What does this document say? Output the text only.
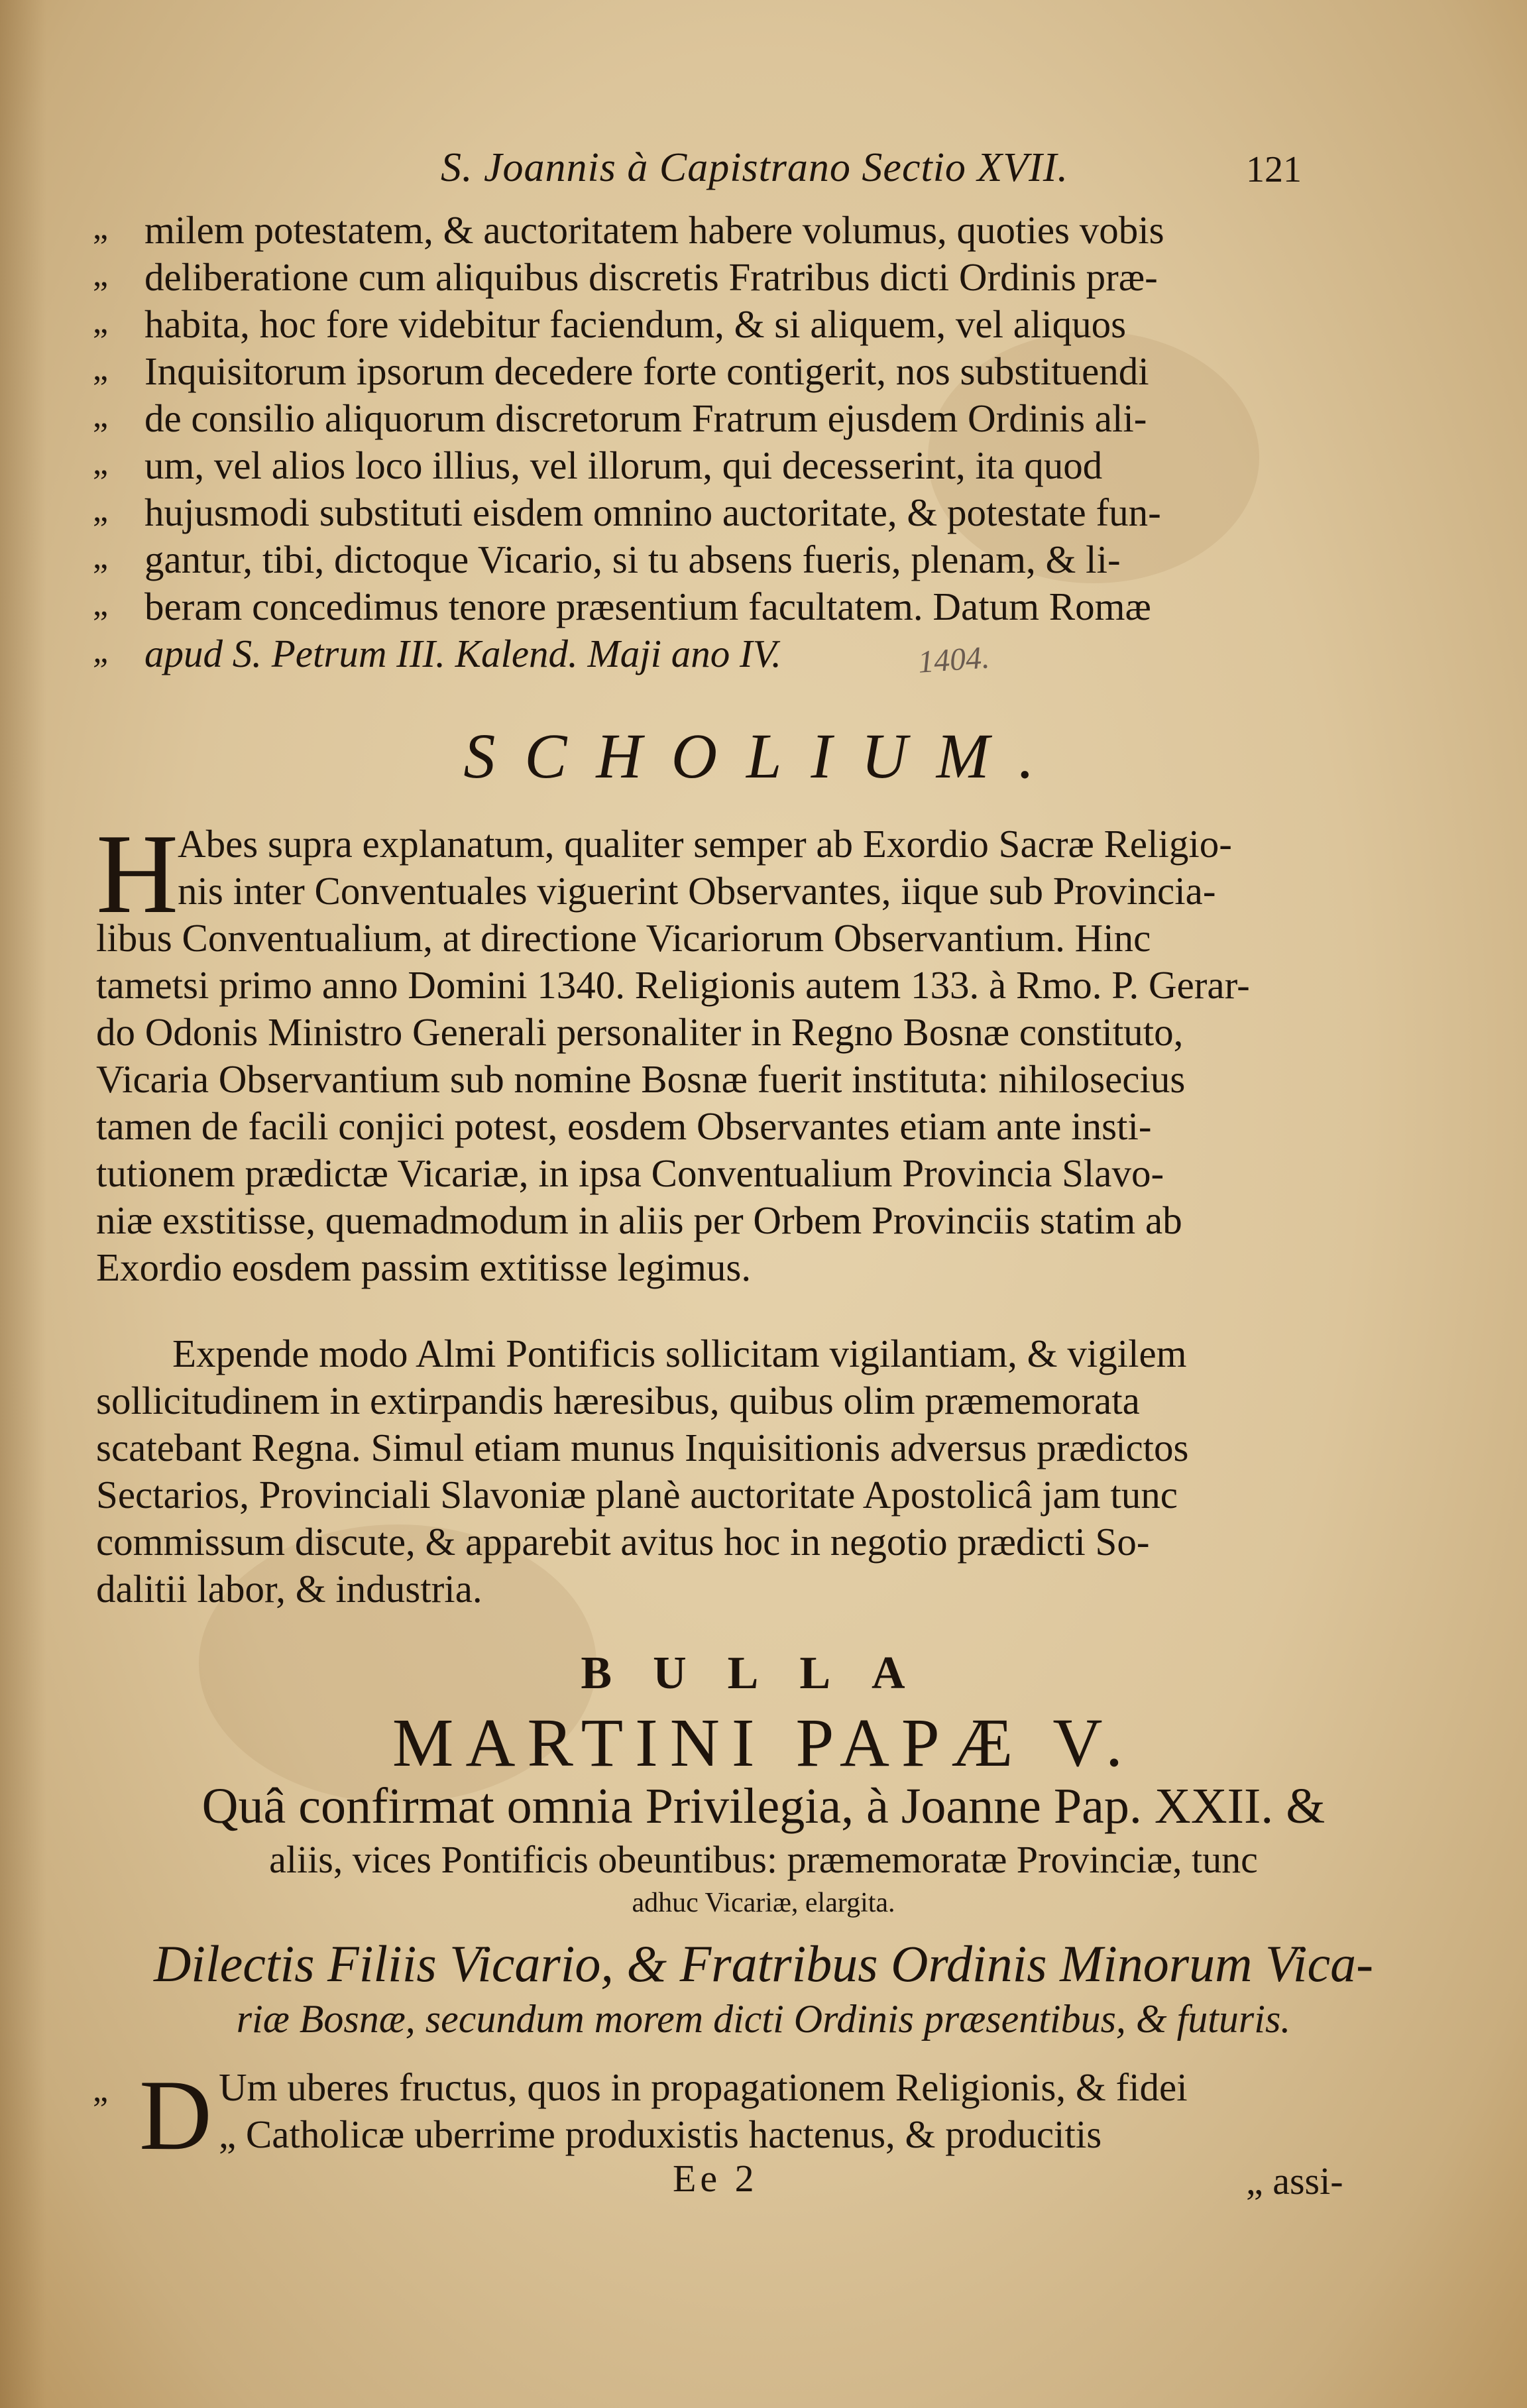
S. Joannis à Capistrano Sectio XVII.	121
„ milem potestatem, & auctoritatem habere volumus, quoties vobis
„ deliberatione cum aliquibus discretis Fratribus dicti Ordinis præ-
„ habita, hoc fore videbitur faciendum, & si aliquem, vel aliquos
„ Inquisitorum ipsorum decedere forte contigerit, nos substituendi
„ de consilio aliquorum discretorum Fratrum ejusdem Ordinis ali-
„ um, vel alios loco illius, vel illorum, qui decesserint, ita quod
„ hujusmodi substituti eisdem omnino auctoritate, & potestate fun-
„ gantur, tibi, dictoque Vicario, si tu absens fueris, plenam, & li-
„ beram concedimus tenore præsentium facultatem. Datum Romæ
„ apud S. Petrum III. Kalend. Maji ano IV.	1404.
SCHOLIUM.
H
Abes supra explanatum, qualiter semper ab Exordio Sacræ Religio-
nis inter Conventuales viguerint Observantes, iique sub Provincia-
libus Conventualium, at directione Vicariorum Observantium. Hinc
tametsi primo anno Domini 1340. Religionis autem 133. à Rmo. P. Gerar-
do Odonis Ministro Generali personaliter in Regno Bosnæ constituto,
Vicaria Observantium sub nomine Bosnæ fuerit instituta: nihilosecius
tamen de facili conjici potest, eosdem Observantes etiam ante insti-
tutionem prædictæ Vicariæ, in ipsa Conventualium Provincia Slavo-
niæ exstitisse, quemadmodum in aliis per Orbem Provinciis statim ab
Exordio eosdem passim extitisse legimus.
Expende modo Almi Pontificis sollicitam vigilantiam, & vigilem
sollicitudinem in extirpandis hæresibus, quibus olim præmemorata
scatebant Regna. Simul etiam munus Inquisitionis adversus prædictos
Sectarios, Provinciali Slavoniæ planè auctoritate Apostolicâ jam tunc
commissum discute, & apparebit avitus hoc in negotio prædicti So-
dalitii labor, & industria.
BULLA
MARTINI PAPÆ V.
Quâ confirmat omnia Privilegia, à Joanne Pap. XXII. &
aliis, vices Pontificis obeuntibus: præmemoratæ Provinciæ, tunc
adhuc Vicariæ, elargita.
Dilectis Filiis Vicario, & Fratribus Ordinis Minorum Vica-
riæ Bosnæ, secundum morem dicti Ordinis præsentibus, & futuris.
„ D Um uberes fructus, quos in propagationem Religionis, & fidei
„ Catholicæ uberrime produxistis hactenus, & producitis
Ee 2	„ assi-
